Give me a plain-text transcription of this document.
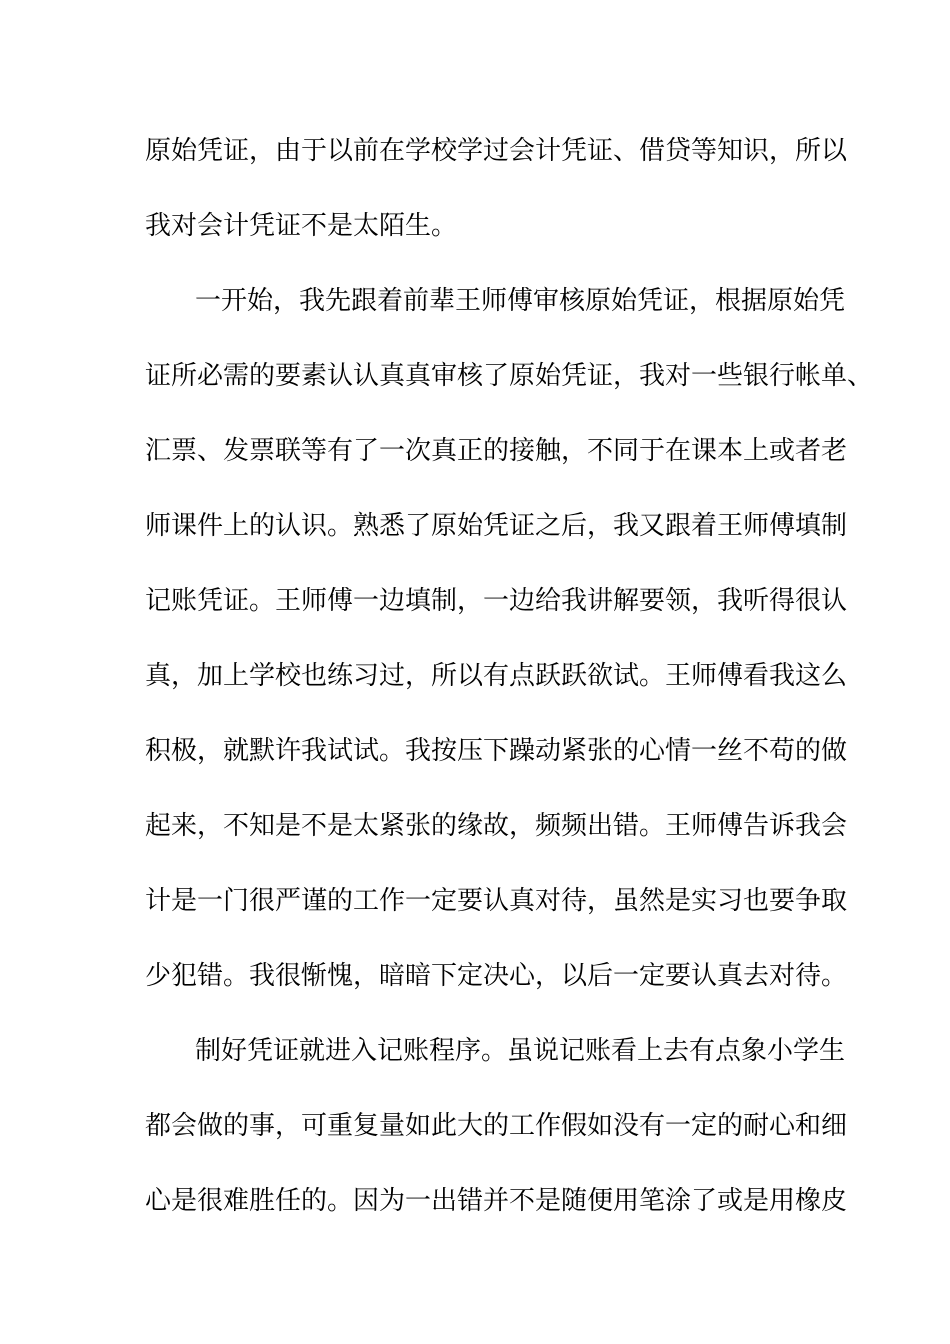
原始凭证，由于以前在学校学过会计凭证、借贷等知识，所以
我对会计凭证不是太陌生。
一开始，我先跟着前辈王师傅审核原始凭证，根据原始凭
证所必需的要素认认真真审核了原始凭证，我对一些银行帐单、
汇票、发票联等有了一次真正的接触，不同于在课本上或者老
师课件上的认识。熟悉了原始凭证之后，我又跟着王师傅填制
记账凭证。王师傅一边填制，一边给我讲解要领，我听得很认
真，加上学校也练习过，所以有点跃跃欲试。王师傅看我这么
积极，就默许我试试。我按压下躁动紧张的心情一丝不苟的做
起来，不知是不是太紧张的缘故，频频出错。王师傅告诉我会
计是一门很严谨的工作一定要认真对待，虽然是实习也要争取
少犯错。我很惭愧，暗暗下定决心，以后一定要认真去对待。
制好凭证就进入记账程序。虽说记账看上去有点象小学生
都会做的事，可重复量如此大的工作假如没有一定的耐心和细
心是很难胜任的。因为一出错并不是随便用笔涂了或是用橡皮
